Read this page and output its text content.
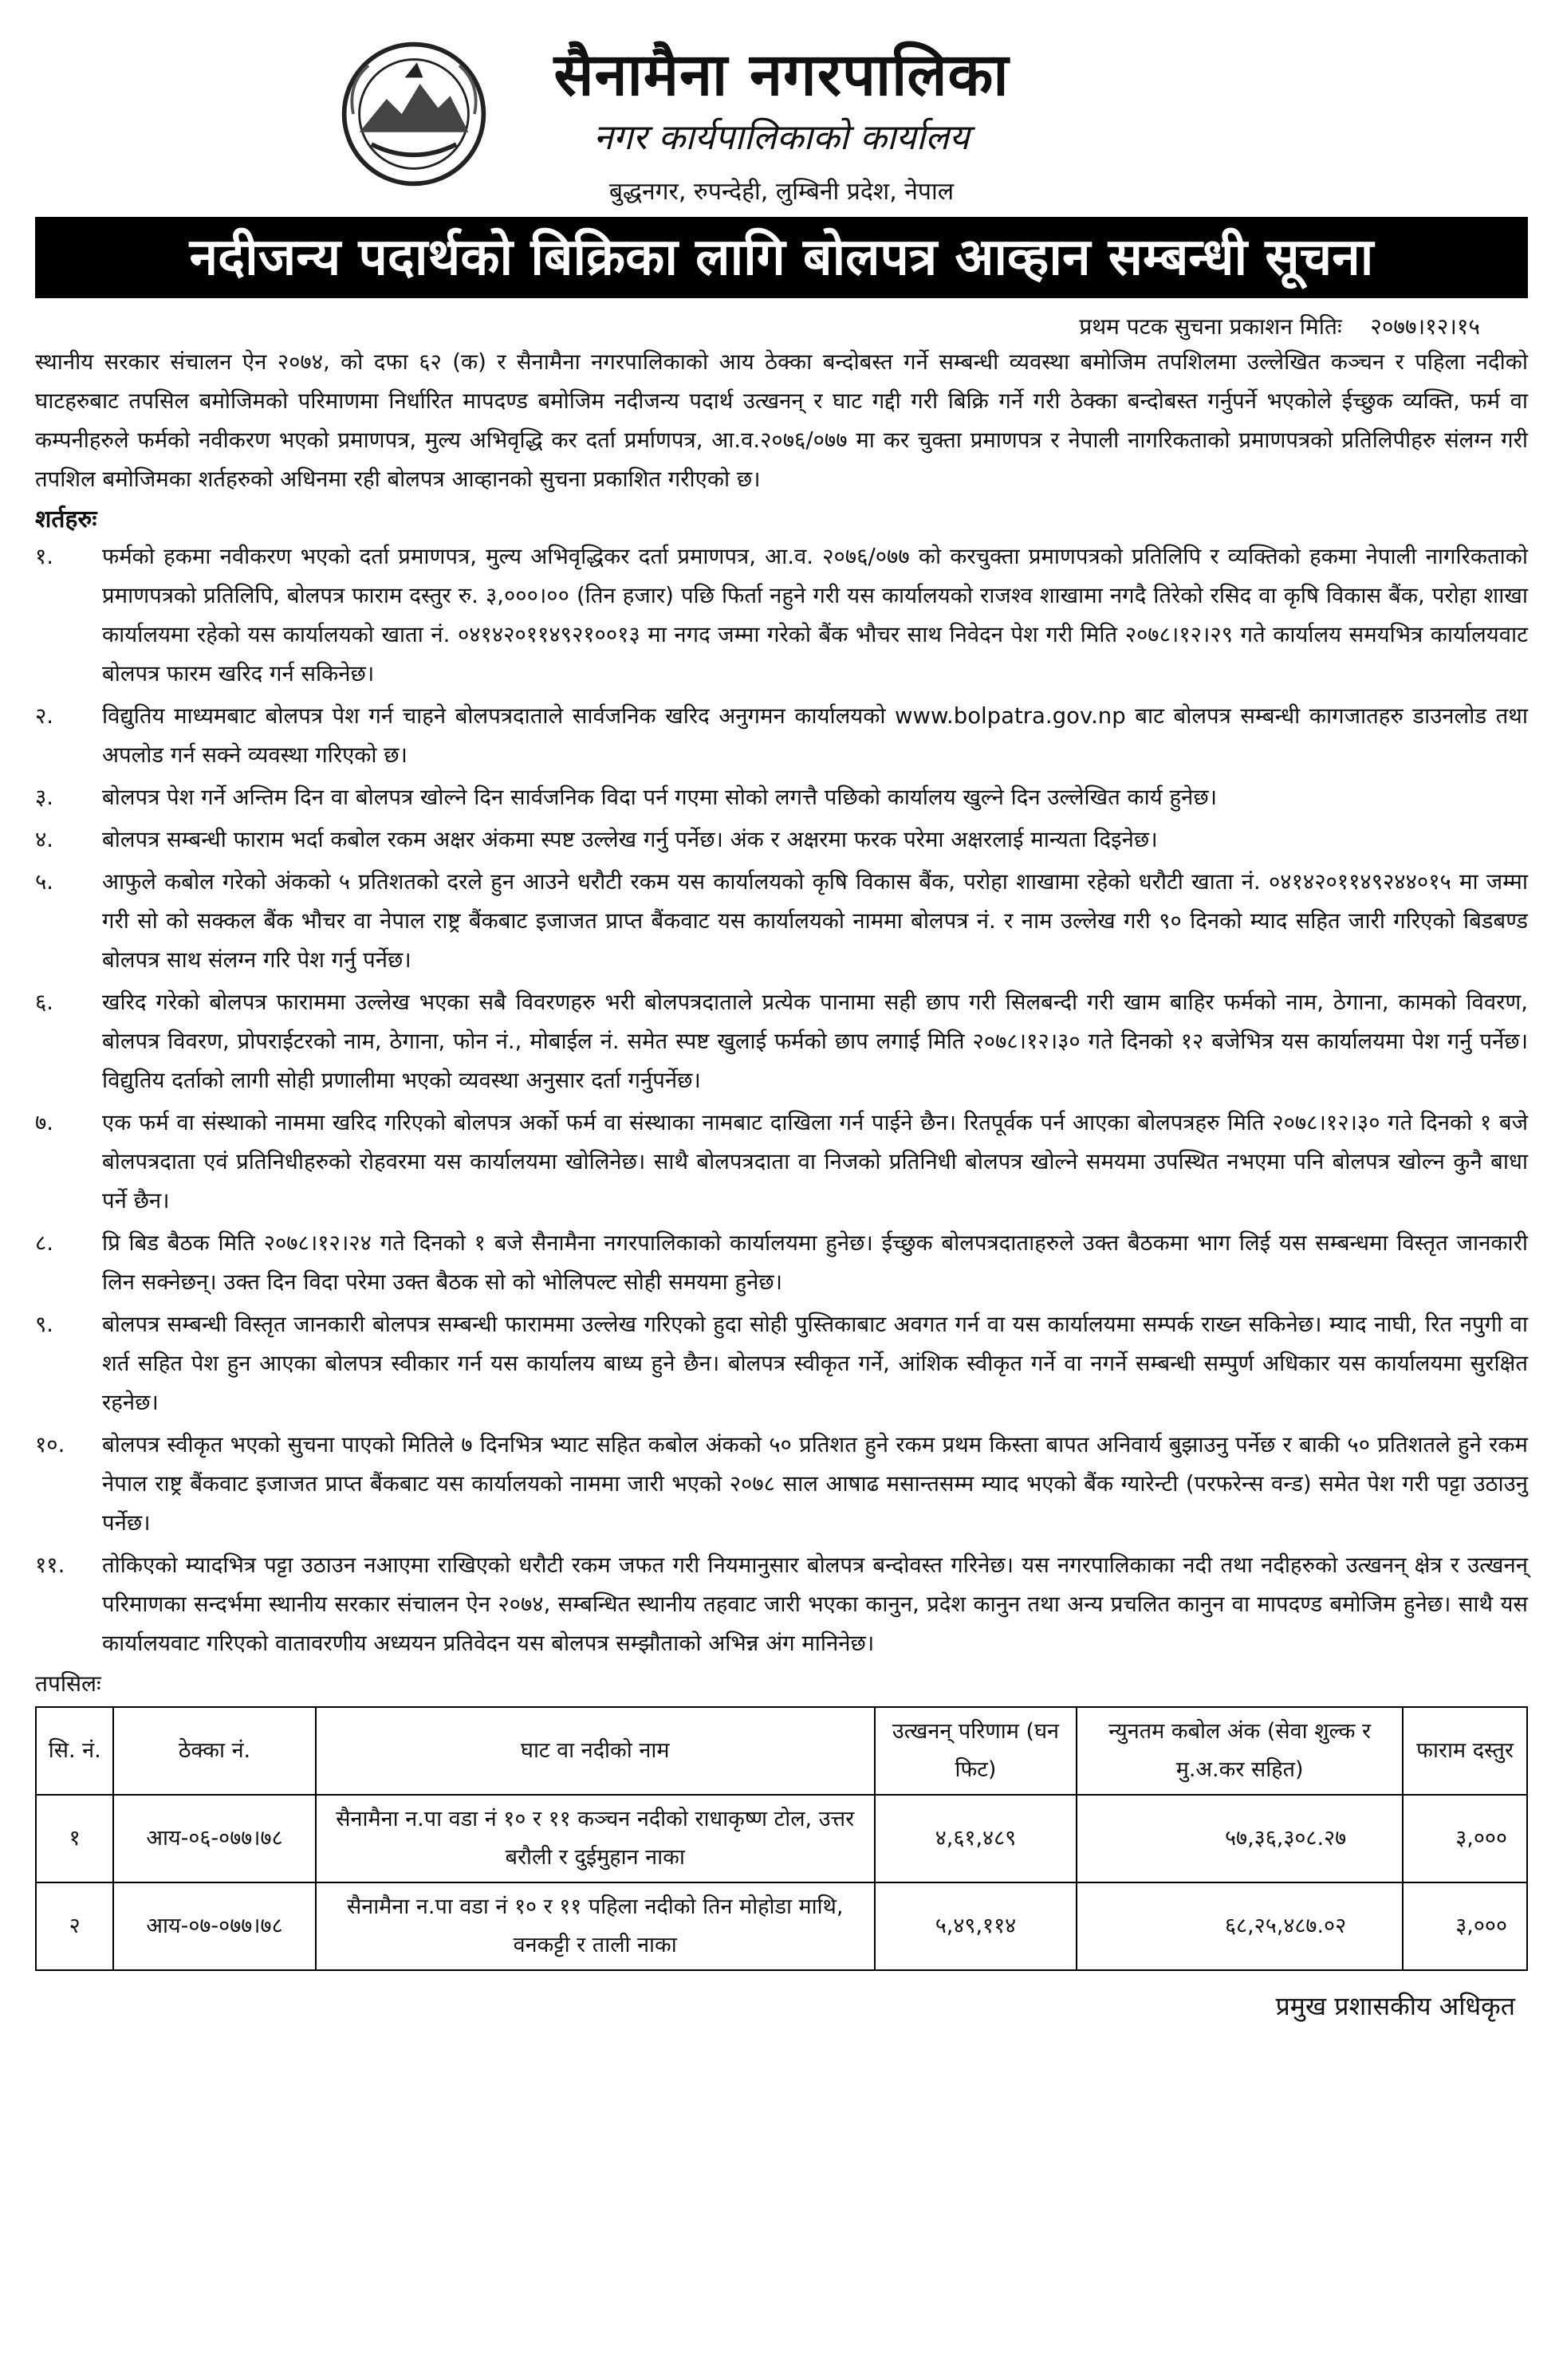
सैनामैना नगरपालिका
नगर कार्यपालिकाको कार्यालय
बुद्धनगर, रुपन्देही, लुम्बिनी प्रदेश, नेपाल
नदीजन्य पदार्थको बिक्रिका लागि बोलपत्र आव्हान सम्बन्धी सूचना
प्रथम पटक सुचना प्रकाशन मितिः २०७७।१२।१५
स्थानीय सरकार संचालन ऐन २०७४, को दफा ६२ (क) र सैनामैना नगरपालिकाको आय ठेक्का बन्दोबस्त गर्ने सम्बन्धी व्यवस्था बमोजिम तपशिलमा उल्लेखित कञ्चन र पहिला नदीको घाटहरुबाट तपसिल बमोजिमको परिमाणमा निर्धारित मापदण्ड बमोजिम नदीजन्य पदार्थ उत्खनन् र घाट गद्दी गरी बिक्रि गर्ने गरी ठेक्का बन्दोबस्त गर्नुपर्ने भएकोले ईच्छुक व्यक्ति, फर्म वा कम्पनीहरुले फर्मको नवीकरण भएको प्रमाणपत्र, मुल्य अभिवृद्धि कर दर्ता प्रर्माणपत्र, आ.व.२०७६/०७७ मा कर चुक्ता प्रमाणपत्र र नेपाली नागरिकताको प्रमाणपत्रको प्रतिलिपीहरु संलग्न गरी तपशिल बमोजिमका शर्तहरुको अधिनमा रही बोलपत्र आव्हानको सुचना प्रकाशित गरीएको छ।
शर्तहरुः
१.	फर्मको हकमा नवीकरण भएको दर्ता प्रमाणपत्र, मुल्य अभिवृद्धिकर दर्ता प्रमाणपत्र, आ.व. २०७६/०७७ को करचुक्ता प्रमाणपत्रको प्रतिलिपि र व्यक्तिको हकमा नेपाली नागरिकताको प्रमाणपत्रको प्रतिलिपि, बोलपत्र फाराम दस्तुर रु. ३,०००।०० (तिन हजार) पछि फिर्ता नहुने गरी यस कार्यालयको राजश्व शाखामा नगदै तिरेको रसिद वा कृषि विकास बैंक, परोहा शाखा कार्यालयमा रहेको यस कार्यालयको खाता नं. ०४१४२०११४९२१००१३ मा नगद जम्मा गरेको बैंक भौचर साथ निवेदन पेश गरी मिति २०७८।१२।२९ गते कार्यालय समयभित्र कार्यालयवाट बोलपत्र फारम खरिद गर्न सकिनेछ।
२.	विद्युतिय माध्यमबाट बोलपत्र पेश गर्न चाहने बोलपत्रदाताले सार्वजनिक खरिद अनुगमन कार्यालयको www.bolpatra.gov.np बाट बोलपत्र सम्बन्धी कागजातहरु डाउनलोड तथा अपलोड गर्न सक्ने व्यवस्था गरिएको छ।
३.	बोलपत्र पेश गर्ने अन्तिम दिन वा बोलपत्र खोल्ने दिन सार्वजनिक विदा पर्न गएमा सोको लगत्तै पछिको कार्यालय खुल्ने दिन उल्लेखित कार्य हुनेछ।
४.	बोलपत्र सम्बन्धी फाराम भर्दा कबोल रकम अक्षर अंकमा स्पष्ट उल्लेख गर्नु पर्नेछ। अंक र अक्षरमा फरक परेमा अक्षरलाई मान्यता दिइनेछ।
५.	आफुले कबोल गरेको अंकको ५ प्रतिशतको दरले हुन आउने धरौटी रकम यस कार्यालयको कृषि विकास बैंक, परोहा शाखामा रहेको धरौटी खाता नं. ०४१४२०११४९२४४०१५ मा जम्मा गरी सो को सक्कल बैंक भौचर वा नेपाल राष्ट्र बैंकबाट इजाजत प्राप्त बैंकवाट यस कार्यालयको नाममा बोलपत्र नं. र नाम उल्लेख गरी ९० दिनको म्याद सहित जारी गरिएको बिडबण्ड बोलपत्र साथ संलग्न गरि पेश गर्नु पर्नेछ।
६.	खरिद गरेको बोलपत्र फाराममा उल्लेख भएका सबै विवरणहरु भरी बोलपत्रदाताले प्रत्येक पानामा सही छाप गरी सिलबन्दी गरी खाम बाहिर फर्मको नाम, ठेगाना, कामको विवरण, बोलपत्र विवरण, प्रोपराईटरको नाम, ठेगाना, फोन नं., मोबाईल नं. समेत स्पष्ट खुलाई फर्मको छाप लगाई मिति २०७८।१२।३० गते दिनको १२ बजेभित्र यस कार्यालयमा पेश गर्नु पर्नेछ। विद्युतिय दर्ताको लागी सोही प्रणालीमा भएको व्यवस्था अनुसार दर्ता गर्नुपर्नेछ।
७.	एक फर्म वा संस्थाको नाममा खरिद गरिएको बोलपत्र अर्को फर्म वा संस्थाका नामबाट दाखिला गर्न पाईने छैन। रितपूर्वक पर्न आएका बोलपत्रहरु मिति २०७८।१२।३० गते दिनको १ बजे बोलपत्रदाता एवं प्रतिनिधीहरुको रोहवरमा यस कार्यालयमा खोलिनेछ। साथै बोलपत्रदाता वा निजको प्रतिनिधी बोलपत्र खोल्ने समयमा उपस्थित नभएमा पनि बोलपत्र खोल्न कुनै बाधा पर्ने छैन।
८.	प्रि बिड बैठक मिति २०७८।१२।२४ गते दिनको १ बजे सैनामैना नगरपालिकाको कार्यालयमा हुनेछ। ईच्छुक बोलपत्रदाताहरुले उक्त बैठकमा भाग लिई यस सम्बन्धमा विस्तृत जानकारी लिन सक्नेछन्। उक्त दिन विदा परेमा उक्त बैठक सो को भोलिपल्ट सोही समयमा हुनेछ।
९.	बोलपत्र सम्बन्धी विस्तृत जानकारी बोलपत्र सम्बन्धी फाराममा उल्लेख गरिएको हुदा सोही पुस्तिकाबाट अवगत गर्न वा यस कार्यालयमा सम्पर्क राख्न सकिनेछ। म्याद नाघी, रित नपुगी वा शर्त सहित पेश हुन आएका बोलपत्र स्वीकार गर्न यस कार्यालय बाध्य हुने छैन। बोलपत्र स्वीकृत गर्ने, आंशिक स्वीकृत गर्ने वा नगर्ने सम्बन्धी सम्पुर्ण अधिकार यस कार्यालयमा सुरक्षित रहनेछ।
१०.	बोलपत्र स्वीकृत भएको सुचना पाएको मितिले ७ दिनभित्र भ्याट सहित कबोल अंकको ५० प्रतिशत हुने रकम प्रथम किस्ता बापत अनिवार्य बुझाउनु पर्नेछ र बाकी ५० प्रतिशतले हुने रकम नेपाल राष्ट्र बैंकवाट इजाजत प्राप्त बैंकबाट यस कार्यालयको नाममा जारी भएको २०७८ साल आषाढ मसान्तसम्म म्याद भएको बैंक ग्यारेन्टी (परफरेन्स वन्ड) समेत पेश गरी पट्टा उठाउनु पर्नेछ।
११.	तोकिएको म्यादभित्र पट्टा उठाउन नआएमा राखिएको धरौटी रकम जफत गरी नियमानुसार बोलपत्र बन्दोवस्त गरिनेछ। यस नगरपालिकाका नदी तथा नदीहरुको उत्खनन् क्षेत्र र उत्खनन् परिमाणका सन्दर्भमा स्थानीय सरकार संचालन ऐन २०७४, सम्बन्धित स्थानीय तहवाट जारी भएका कानुन, प्रदेश कानुन तथा अन्य प्रचलित कानुन वा मापदण्ड बमोजिम हुनेछ। साथै यस कार्यालयवाट गरिएको वातावरणीय अध्ययन प्रतिवेदन यस बोलपत्र सम्झौताको अभिन्न अंग मानिनेछ।
तपसिलः
सि. नं.	ठेक्का नं.	घाट वा नदीको नाम	उत्खनन् परिणाम (घन फिट)	न्युनतम कबोल अंक (सेवा शुल्क र मु.अ.कर सहित)	फाराम दस्तुर
१	आय-०६-०७७।७८	सैनामैना न.पा वडा नं १० र ११ कञ्चन नदीको राधाकृष्ण टोल, उत्तर बरौली र दुईमुहान नाका	४,६१,४८९	५७,३६,३०८.२७	३,०००
२	आय-०७-०७७।७८	सैनामैना न.पा वडा नं १० र ११ पहिला नदीको तिन मोहोडा माथि, वनकट्टी र ताली नाका	५,४९,११४	६८,२५,४८७.०२	३,०००
प्रमुख प्रशासकीय अधिकृत
